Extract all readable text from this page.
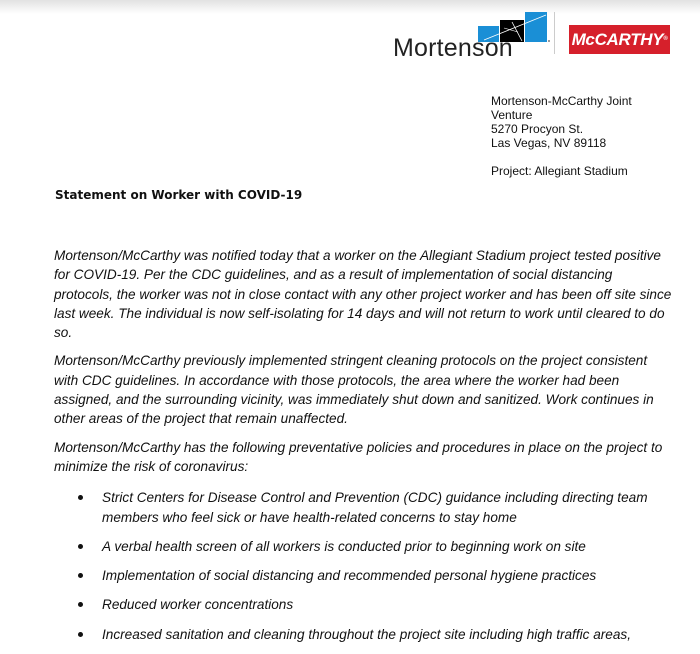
Mortenson	McCARTHY®
Mortenson-McCarthy Joint
Venture
5270 Procyon St.
Las Vegas, NV 89118
Project: Allegiant Stadium
Statement on Worker with COVID-19

Mortenson/McCarthy was notified today that a worker on the Allegiant Stadium project tested positive for COVID-19. Per the CDC guidelines, and as a result of implementation of social distancing protocols, the worker was not in close contact with any other project worker and has been off site since last week. The individual is now self-isolating for 14 days and will not return to work until cleared to do so.

Mortenson/McCarthy previously implemented stringent cleaning protocols on the project consistent with CDC guidelines. In accordance with those protocols, the area where the worker had been assigned, and the surrounding vicinity, was immediately shut down and sanitized. Work continues in other areas of the project that remain unaffected.

Mortenson/McCarthy has the following preventative policies and procedures in place on the project to minimize the risk of coronavirus:

Strict Centers for Disease Control and Prevention (CDC) guidance including directing team members who feel sick or have health-related concerns to stay home
A verbal health screen of all workers is conducted prior to beginning work on site
Implementation of social distancing and recommended personal hygiene practices
Reduced worker concentrations
Increased sanitation and cleaning throughout the project site including high traffic areas,
